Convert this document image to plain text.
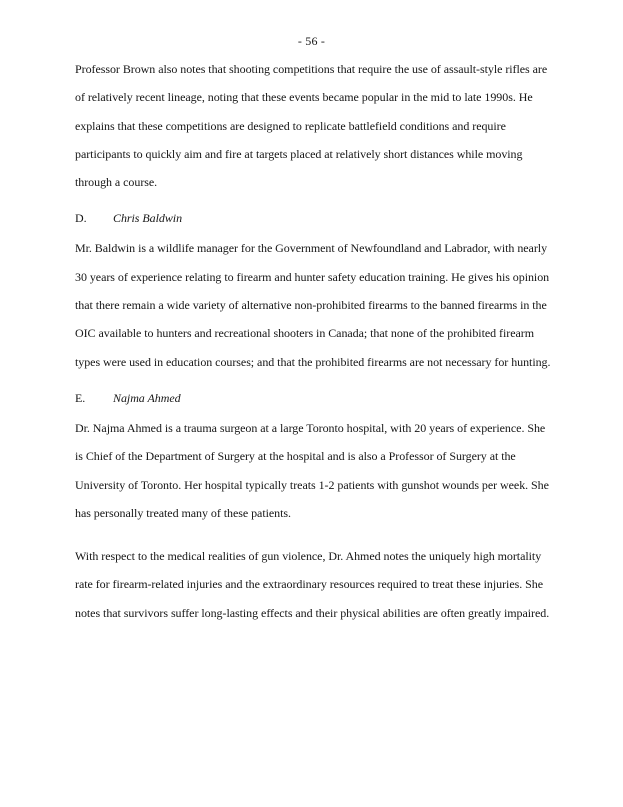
- 56 -
Professor Brown also notes that shooting competitions that require the use of assault-style rifles are
of relatively recent lineage, noting that these events became popular in the mid to late 1990s. He
explains that these competitions are designed to replicate battlefield conditions and require
participants to quickly aim and fire at targets placed at relatively short distances while moving
through a course.
D. Chris Baldwin
Mr. Baldwin is a wildlife manager for the Government of Newfoundland and Labrador, with nearly
30 years of experience relating to firearm and hunter safety education training. He gives his opinion
that there remain a wide variety of alternative non-prohibited firearms to the banned firearms in the
OIC available to hunters and recreational shooters in Canada; that none of the prohibited firearm
types were used in education courses; and that the prohibited firearms are not necessary for hunting.
E. Najma Ahmed
Dr. Najma Ahmed is a trauma surgeon at a large Toronto hospital, with 20 years of experience. She
is Chief of the Department of Surgery at the hospital and is also a Professor of Surgery at the
University of Toronto. Her hospital typically treats 1-2 patients with gunshot wounds per week. She
has personally treated many of these patients.
With respect to the medical realities of gun violence, Dr. Ahmed notes the uniquely high mortality
rate for firearm-related injuries and the extraordinary resources required to treat these injuries. She
notes that survivors suffer long-lasting effects and their physical abilities are often greatly impaired.
